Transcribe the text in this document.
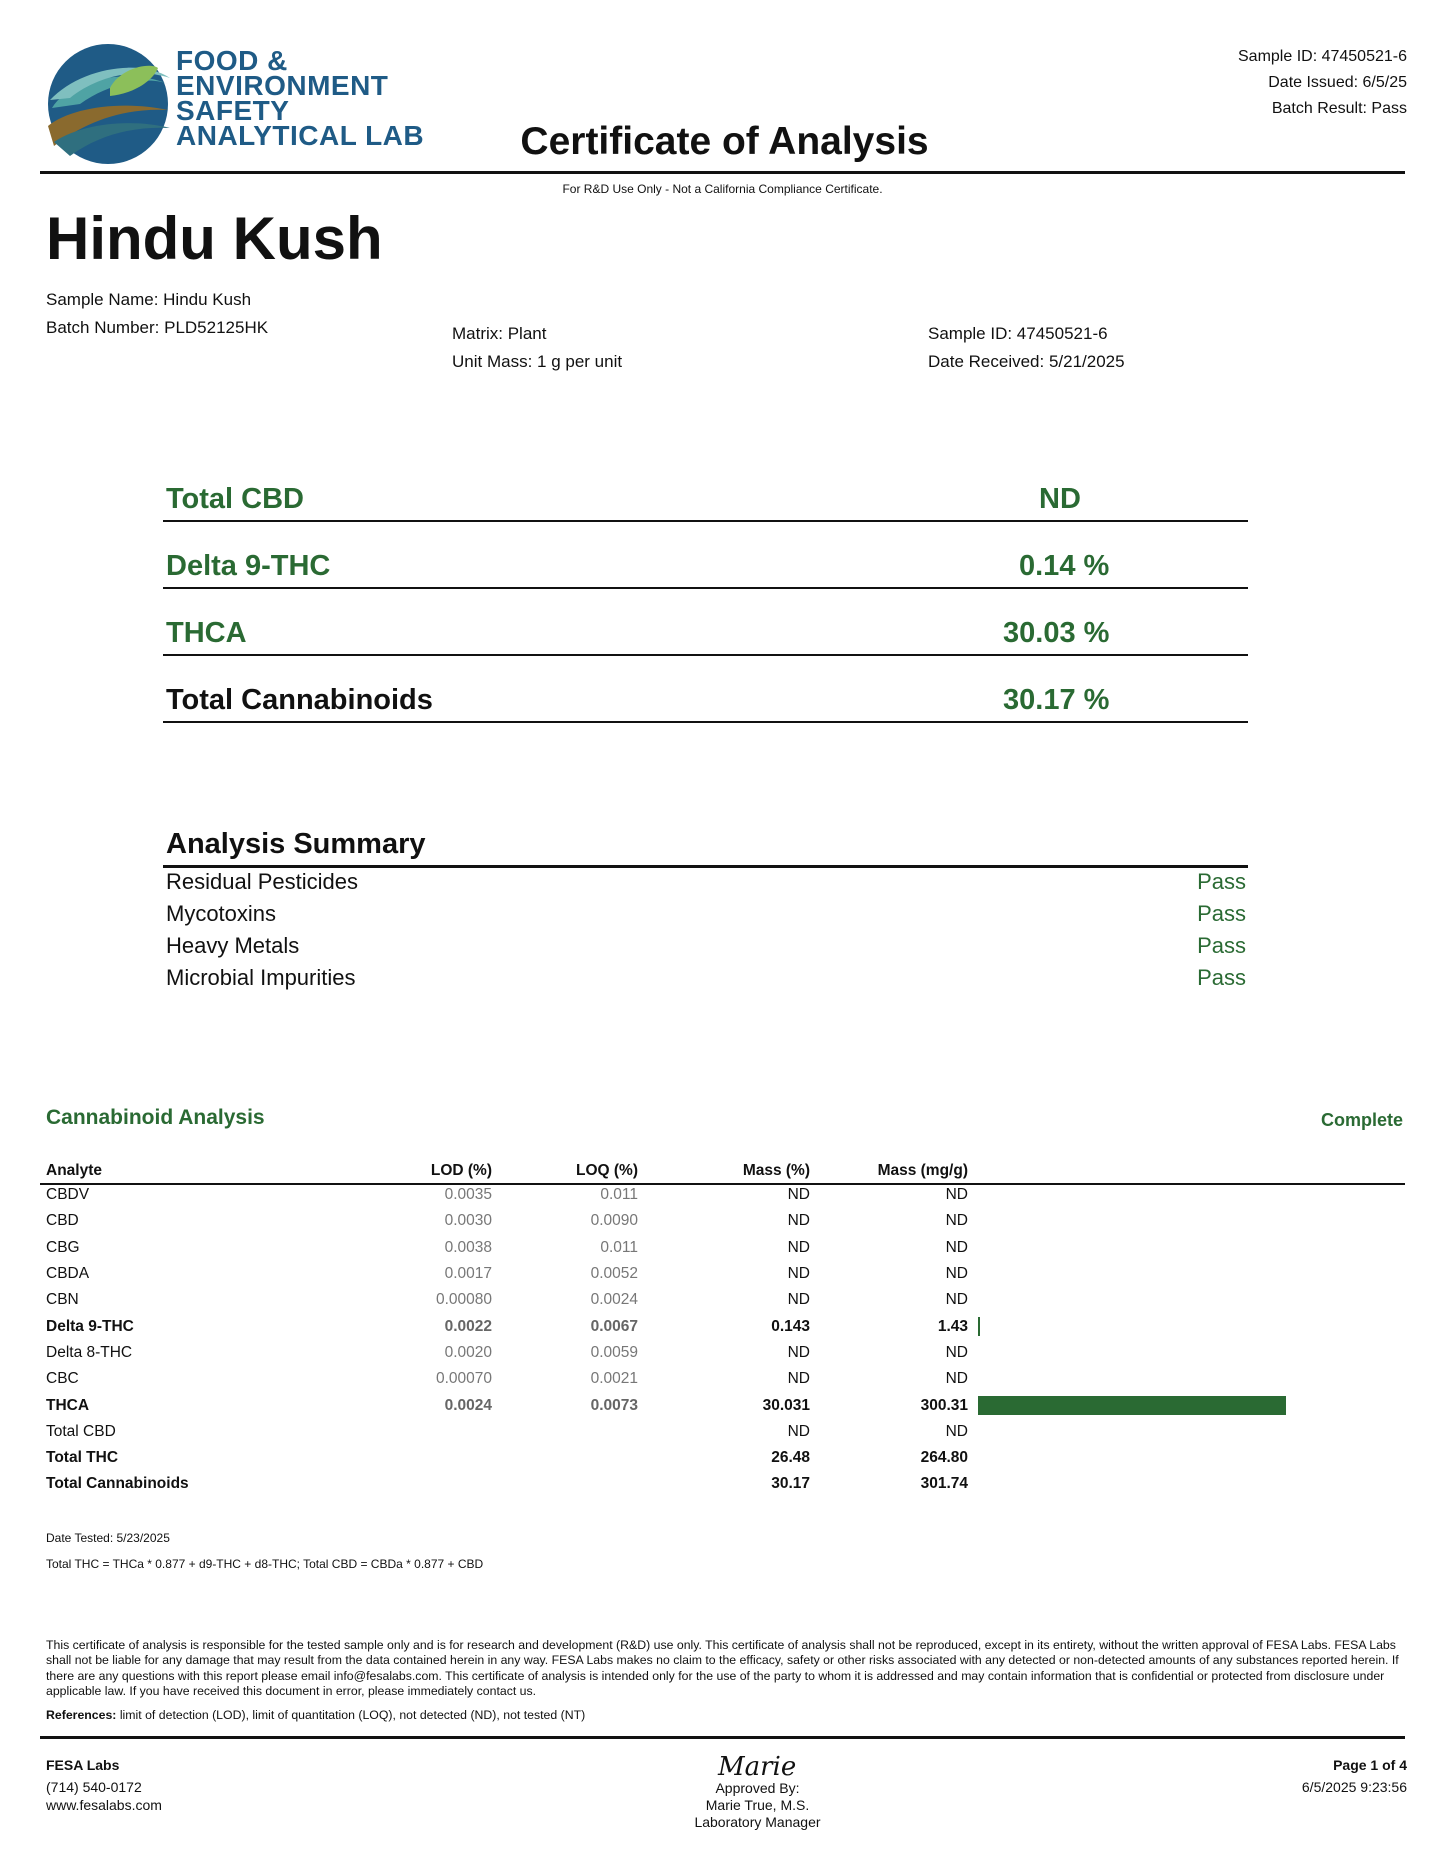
FOOD &
ENVIRONMENT
SAFETY
ANALYTICAL LAB
Sample ID: 47450521-6
Date Issued: 6/5/25
Batch Result: Pass
Certificate of Analysis
For R&D Use Only - Not a California Compliance Certificate.
Hindu Kush
Sample Name: Hindu Kush
Batch Number: PLD52125HK	Matrix: Plant
Unit Mass: 1 g per unit
Sample ID: 47450521-6
Date Received: 5/21/2025
Total CBD	ND
Delta 9-THC	0.14 %
THCA	30.03 %
Total Cannabinoids	30.17 %
Analysis Summary
Residual Pesticides	Pass
Mycotoxins	Pass
Heavy Metals	Pass
Microbial Impurities	Pass
Cannabinoid Analysis	Complete
Analyte	LOD (%)	LOQ (%)	Mass (%)	Mass (mg/g)	
CBDV	0.0035	0.011	ND	ND	
CBD	0.0030	0.0090	ND	ND	
CBG	0.0038	0.011	ND	ND	
CBDA	0.0017	0.0052	ND	ND	
CBN	0.00080	0.0024	ND	ND	
Delta 9-THC	0.0022	0.0067	0.143	1.43	

Delta 8-THC	0.0020	0.0059	ND	ND	
CBC	0.00070	0.0021	ND	ND	
THCA	0.0024	0.0073	30.031	300.31	

Total CBD			ND	ND	
Total THC			26.48	264.80	
Total Cannabinoids			30.17	301.74	
Date Tested: 5/23/2025
Total THC = THCa * 0.877 + d9-THC + d8-THC; Total CBD = CBDa * 0.877 + CBD
This certificate of analysis is responsible for the tested sample only and is for research and development (R&D) use only. This certificate of analysis shall not be reproduced, except in its entirety, without the written approval of FESA Labs. FESA Labs shall not be liable for any damage that may result from the data contained herein in any way. FESA Labs makes no claim to the efficacy, safety or other risks associated with any detected or non-detected amounts of any substances reported herein. If there are any questions with this report please email info@fesalabs.com. This certificate of analysis is intended only for the use of the party to whom it is addressed and may contain information that is confidential or protected from disclosure under applicable law. If you have received this document in error, please immediately contact us.
References: limit of detection (LOD), limit of quantitation (LOQ), not detected (ND), not tested (NT)
FESA Labs
(714) 540-0172
www.fesalabs.com
Marie
Approved By:
Marie True, M.S.
Laboratory Manager
Page 1 of 4
6/5/2025 9:23:56
